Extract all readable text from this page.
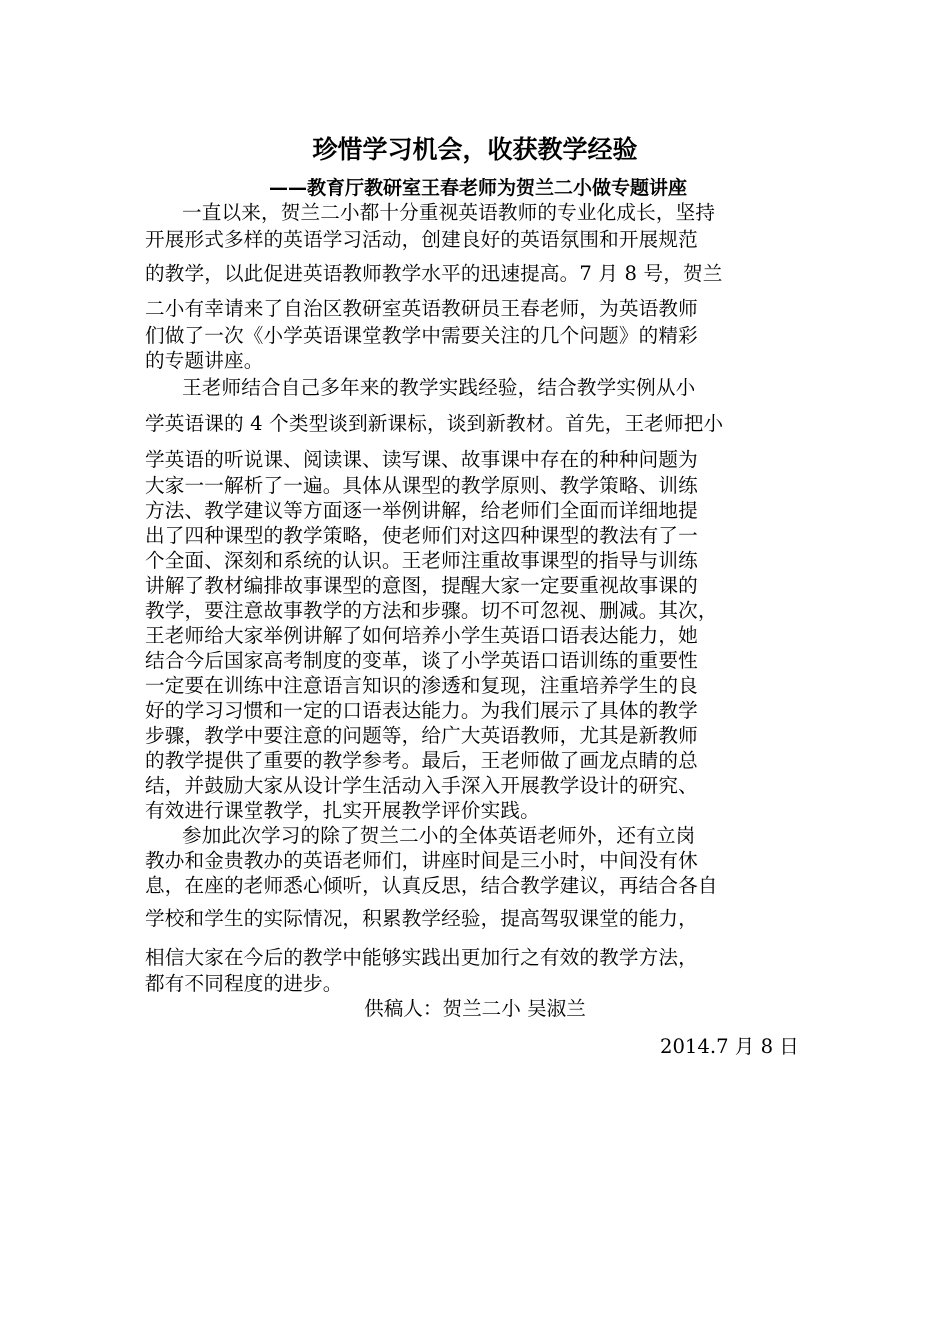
珍惜学习机会，收获教学经验
——教育厅教研室王春老师为贺兰二小做专题讲座
一直以来，贺兰二小都十分重视英语教师的专业化成长，坚持
开展形式多样的英语学习活动，创建良好的英语氛围和开展规范
的教学，以此促进英语教师教学水平的迅速提高。7 月 8 号，贺兰
二小有幸请来了自治区教研室英语教研员王春老师，为英语教师
们做了一次《小学英语课堂教学中需要关注的几个问题》的精彩
的专题讲座。
王老师结合自己多年来的教学实践经验，结合教学实例从小
学英语课的 4 个类型谈到新课标，谈到新教材。首先，王老师把小
学英语的听说课、阅读课、读写课、故事课中存在的种种问题为
大家一一解析了一遍。具体从课型的教学原则、教学策略、训练
方法、教学建议等方面逐一举例讲解，给老师们全面而详细地提
出了四种课型的教学策略，使老师们对这四种课型的教法有了一
个全面、深刻和系统的认识。王老师注重故事课型的指导与训练
讲解了教材编排故事课型的意图，提醒大家一定要重视故事课的
教学，要注意故事教学的方法和步骤。切不可忽视、删减。其次，
王老师给大家举例讲解了如何培养小学生英语口语表达能力，她
结合今后国家高考制度的变革，谈了小学英语口语训练的重要性
一定要在训练中注意语言知识的渗透和复现，注重培养学生的良
好的学习习惯和一定的口语表达能力。为我们展示了具体的教学
步骤，教学中要注意的问题等，给广大英语教师，尤其是新教师
的教学提供了重要的教学参考。最后，王老师做了画龙点睛的总
结，并鼓励大家从设计学生活动入手深入开展教学设计的研究、
有效进行课堂教学，扎实开展教学评价实践。
参加此次学习的除了贺兰二小的全体英语老师外，还有立岗
教办和金贵教办的英语老师们，讲座时间是三小时，中间没有休
息，在座的老师悉心倾听，认真反思，结合教学建议，再结合各自
学校和学生的实际情况，积累教学经验，提高驾驭课堂的能力，
相信大家在今后的教学中能够实践出更加行之有效的教学方法，
都有不同程度的进步。
供稿人：贺兰二小 吴淑兰
2014.7 月 8 日
